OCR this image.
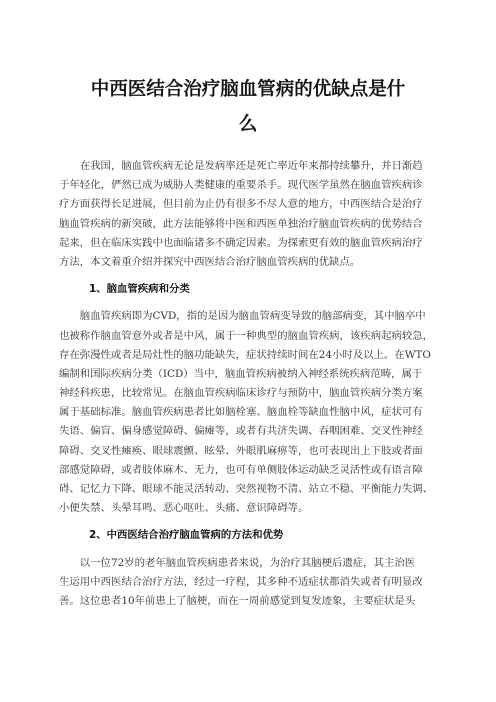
中西医结合治疗脑血管病的优缺点是什
么
　　在我国，脑血管疾病无论是发病率还是死亡率近年来都持续攀升，并日渐趋
于年轻化，俨然已成为威胁人类健康的重要杀手。现代医学虽然在脑血管疾病诊
疗方面获得长足进展，但目前为止仍有很多不尽人意的地方，中西医结合是治疗
脑血管疾病的新突破，此方法能够将中医和西医单独治疗脑血管疾病的优势结合
起来，但在临床实践中也面临诸多不确定因素。为探索更有效的脑血管疾病治疗
方法，本文着重介绍并探究中西医结合治疗脑血管疾病的优缺点。
1、脑血管疾病和分类
　　脑血管疾病即为CVD，指的是因为脑血管病变导致的脑部病变，其中脑卒中
也被称作脑血管意外或者是中风，属于一种典型的脑血管疾病，该疾病起病较急，
存在弥漫性或者是局灶性的脑功能缺失，症状持续时间在24小时及以上。在WTO
编制和国际疾病分类（ICD）当中，脑血管疾病被纳入神经系统疾病范畴，属于
神经科疾患，比较常见。在脑血管疾病临床诊疗与预防中，脑血管疾病分类方案
属于基础标准。脑血管疾病患者比如脑栓塞、脑血栓等缺血性脑中风，症状可有
失语、偏盲、偏身感觉障碍、偏瘫等，或者有共济失调、吞咽困难、交叉性神经
障碍、交叉性瘫痪、眼球震颤、眩晕、外眼肌麻痹等，也可表现出上下肢或者面
部感觉障碍，或者肢体麻木、无力，也可有单侧肢体运动缺乏灵活性或有语言障
碍、记忆力下降、眼球不能灵活转动、突然视物不清、站立不稳、平衡能力失调、
小便失禁、头晕耳鸣、恶心呕吐、头痛、意识障碍等。
2、中西医结合治疗脑血管病的方法和优势
　　以一位72岁的老年脑血管疾病患者来说，为治疗其脑梗后遗症，其主治医
生运用中西医结合治疗方法，经过一疗程，其多种不适症状都消失或者有明显改
善。这位患者10年前患上了脑梗，而在一周前感觉到复发迹象，主要症状是头
